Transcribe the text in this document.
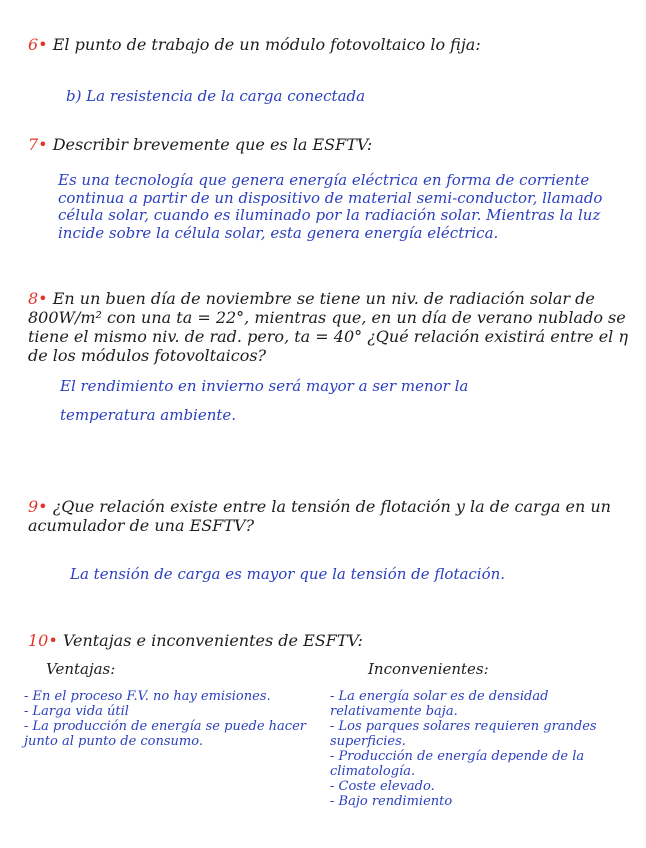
6• El punto de trabajo de un módulo fotovoltaico lo fija:
b) La resistencia de la carga conectada
7• Describir brevemente que es la ESFTV:
Es una tecnología que genera energía eléctrica en forma de corriente continua a partir de un dispositivo de material semi-conductor, llamado célula solar, cuando es iluminado por la radiación solar. Mientras la luz incide sobre la célula solar, esta genera energía eléctrica.
8• En un buen día de noviembre se tiene un niv. de radiación solar de 800W/m² con una ta = 22°, mientras que, en un día de verano nublado se tiene el mismo niv. de rad. pero, ta = 40° ¿Qué relación existirá entre el η de los módulos fotovoltaicos?
El rendimiento en invierno será mayor a ser menor la temperatura ambiente.
9• ¿Que relación existe entre la tensión de flotación y la de carga en un acumulador de una ESFTV?
La tensión de carga es mayor que la tensión de flotación.
10• Ventajas e inconvenientes de ESFTV:
Ventajas:
- En el proceso F.V. no hay emisiones.
- Larga vida útil
- La producción de energía se puede hacer junto al punto de consumo.
Inconvenientes:
- La energía solar es de densidad relativamente baja.
- Los parques solares requieren grandes superficies.
- Producción de energía depende de la climatología.
- Coste elevado.
- Bajo rendimiento
